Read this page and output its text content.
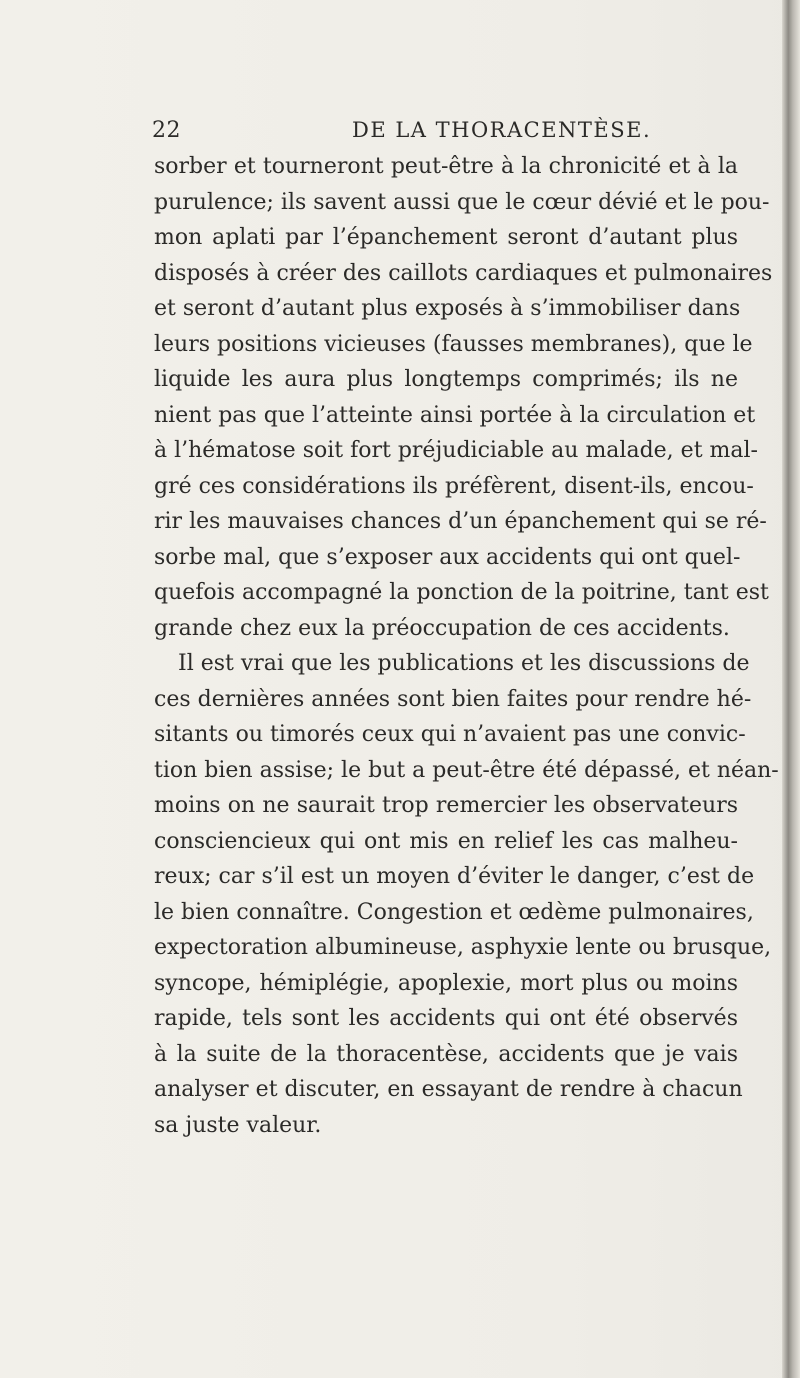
22	DE LA THORACENTÈSE.
sorber et tourneront peut-être à la chronicité et à la
purulence; ils savent aussi que le cœur dévié et le pou-
mon aplati par l’épanchement seront d’autant plus
disposés à créer des caillots cardiaques et pulmonaires
et seront d’autant plus exposés à s’immobiliser dans
leurs positions vicieuses (fausses membranes), que le
liquide les aura plus longtemps comprimés; ils ne
nient pas que l’atteinte ainsi portée à la circulation et
à l’hématose soit fort préjudiciable au malade, et mal-
gré ces considérations ils préfèrent, disent-ils, encou-
rir les mauvaises chances d’un épanchement qui se ré-
sorbe mal, que s’exposer aux accidents qui ont quel-
quefois accompagné la ponction de la poitrine, tant est
grande chez eux la préoccupation de ces accidents.
Il est vrai que les publications et les discussions de
ces dernières années sont bien faites pour rendre hé-
sitants ou timorés ceux qui n’avaient pas une convic-
tion bien assise; le but a peut-être été dépassé, et néan-
moins on ne saurait trop remercier les observateurs
consciencieux qui ont mis en relief les cas malheu-
reux; car s’il est un moyen d’éviter le danger, c’est de
le bien connaître. Congestion et œdème pulmonaires,
expectoration albumineuse, asphyxie lente ou brusque,
syncope, hémiplégie, apoplexie, mort plus ou moins
rapide, tels sont les accidents qui ont été observés
à la suite de la thoracentèse, accidents que je vais
analyser et discuter, en essayant de rendre à chacun
sa juste valeur.
